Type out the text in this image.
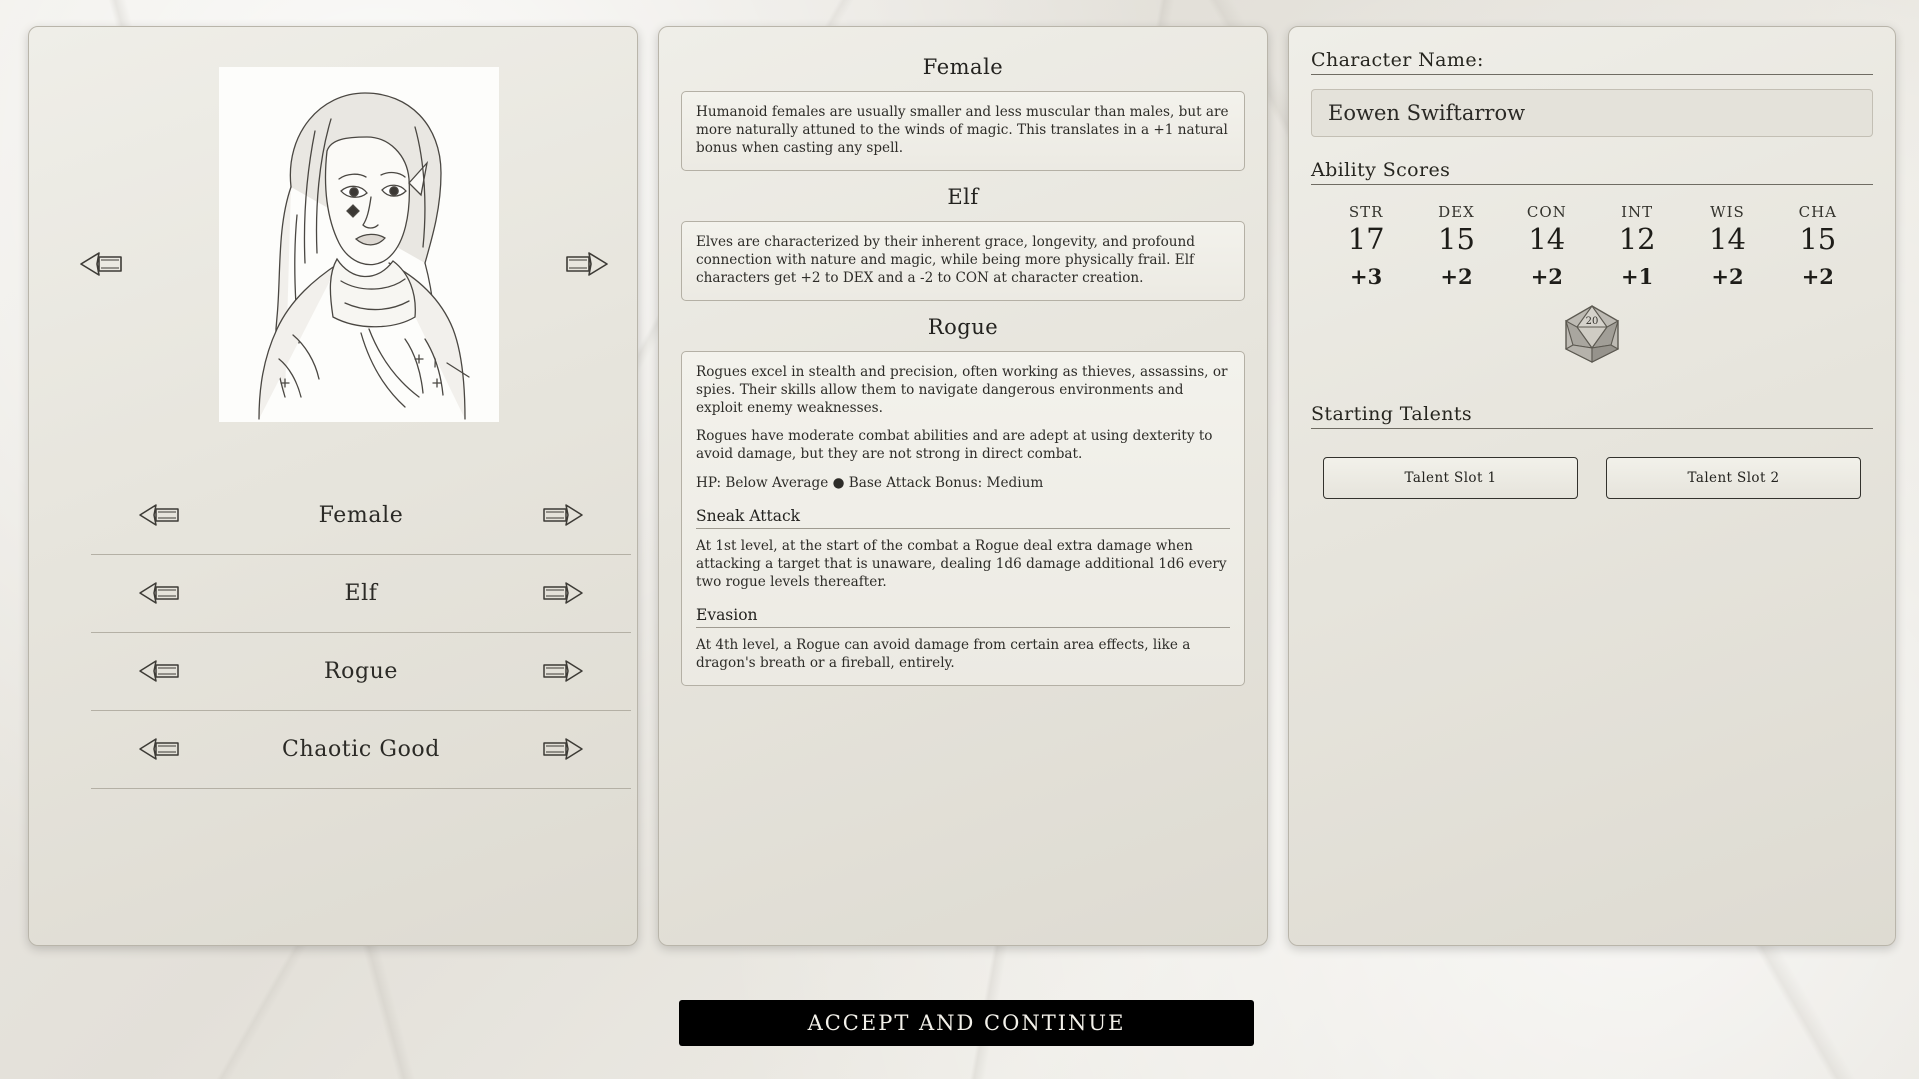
Female
Elf
Rogue
Chaotic Good
Female

Humanoid females are usually smaller and less muscular than males, but are more naturally attuned to the winds of magic. This translates in a +1 natural bonus when casting any spell.

Elf

Elves are characterized by their inherent grace, longevity, and profound connection with nature and magic, while being more physically frail. Elf characters get +2 to DEX and a -2 to CON at character creation.

Rogue

Rogues excel in stealth and precision, often working as thieves, assassins, or spies. Their skills allow them to navigate dangerous environments and exploit enemy weaknesses.

Rogues have moderate combat abilities and are adept at using dexterity to avoid damage, but they are not strong in direct combat.

HP: Below Average ● Base Attack Bonus: Medium

Sneak Attack

At 1st level, at the start of the combat a Rogue deal extra damage when attacking a target that is unaware, dealing 1d6 damage additional 1d6 every two rogue levels thereafter.

Evasion

At 4th level, a Rogue can avoid damage from certain area effects, like a dragon's breath or a fireball, entirely.

Character Name:
Eowen Swiftarrow
Ability Scores
STR
17
+3
DEX
15
+2
CON
14
+2
INT
12
+1
WIS
14
+2
CHA
15
+2
20
Starting Talents
Talent Slot 1	Talent Slot 2
ACCEPT AND CONTINUE
